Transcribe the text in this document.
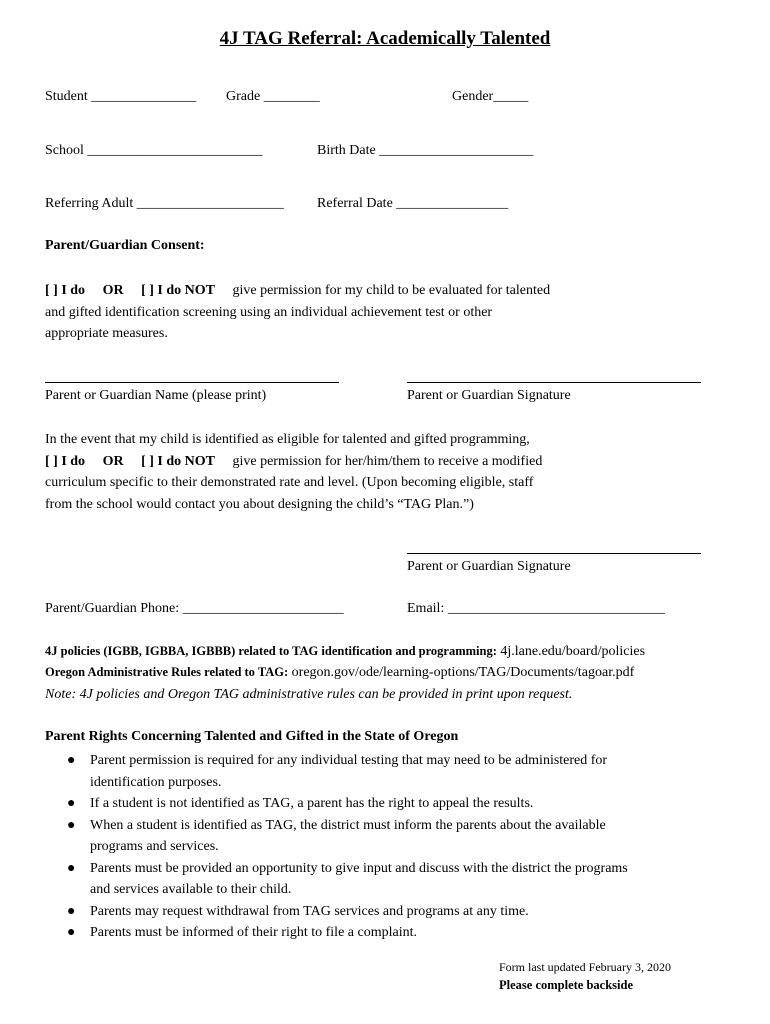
4J TAG Referral: Academically Talented
Student _______________ Grade ________	Gender_____
School _________________________	Birth Date ______________________
Referring Adult _____________________ Referral Date ________________
Parent/Guardian Consent:
[ ] I do OR [ ] I do NOT give permission for my child to be evaluated for talented
and gifted identification screening using an individual achievement test or other
appropriate measures.
Parent or Guardian Name (please print)	Parent or Guardian Signature
In the event that my child is identified as eligible for talented and gifted programming,
[ ] I do OR [ ] I do NOT give permission for her/him/them to receive a modified
curriculum specific to their demonstrated rate and level. (Upon becoming eligible, staff
from the school would contact you about designing the child’s “TAG Plan.”)
Parent or Guardian Signature
Parent/Guardian Phone: _______________________	Email: _______________________________
4J policies (IGBB, IGBBA, IGBBB) related to TAG identification and programming: 4j.lane.edu/board/policies
Oregon Administrative Rules related to TAG: oregon.gov/ode/learning-options/TAG/Documents/tagoar.pdf
Note: 4J policies and Oregon TAG administrative rules can be provided in print upon request.
Parent Rights Concerning Talented and Gifted in the State of Oregon
● Parent permission is required for any individual testing that may need to be administered for
identification purposes.
● If a student is not identified as TAG, a parent has the right to appeal the results.
● When a student is identified as TAG, the district must inform the parents about the available
programs and services.
● Parents must be provided an opportunity to give input and discuss with the district the programs
and services available to their child.
● Parents may request withdrawal from TAG services and programs at any time.
● Parents must be informed of their right to file a complaint.
Form last updated February 3, 2020
Please complete backside
